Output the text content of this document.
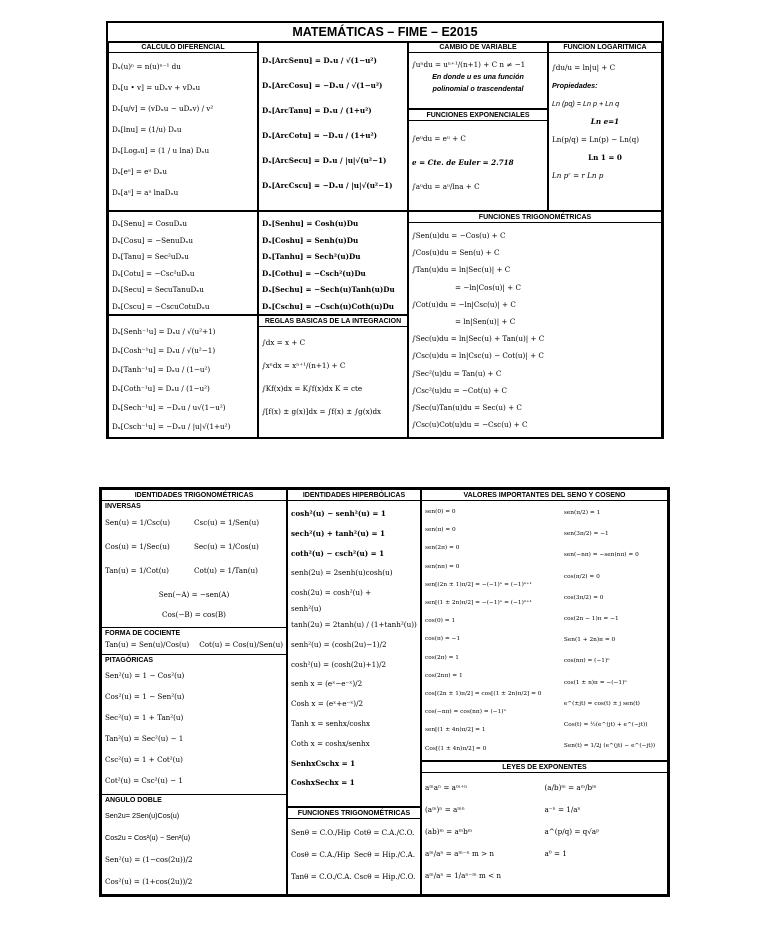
MATEMÁTICAS – FIME – E2015
CALCULO DIFERENCIAL
Dₓ(u)ⁿ = n(u)ⁿ⁻¹ du
Dₓ[u • v] = uDₓv + vDₓu
Dₓ[u/v] = (vDₓu − uDₓv) / v²
Dₓ[lnu] = (1/u) Dₓu
Dₓ[Logₐu] = (1 / u lna) Dₓu
Dₓ[eᵘ] = eᵘ Dₓu
Dₓ[aᵘ] = aᵘ lnaDₓu
Dₓ[ArcSenu] = Dₓu / √(1−u²)
Dₓ[ArcCosu] = −Dₓu / √(1−u²)
Dₓ[ArcTanu] = Dₓu / (1+u²)
Dₓ[ArcCotu] = −Dₓu / (1+u²)
Dₓ[ArcSecu] = Dₓu / |u|√(u²−1)
Dₓ[ArcCscu] = −Dₓu / |u|√(u²−1)
Dₓ[Senu] = CosuDₓu
Dₓ[Cosu] = −SenuDₓu
Dₓ[Tanu] = Sec²uDₓu
Dₓ[Cotu] = −Csc²uDₓu
Dₓ[Secu] = SecuTanuDₓu
Dₓ[Cscu] = −CscuCotuDₓu
Dₓ[Senhu] = Cosh(u)Du
Dₓ[Coshu] = Senh(u)Du
Dₓ[Tanhu] = Sech²(u)Du
Dₓ[Cothu] = −Csch²(u)Du
Dₓ[Sechu] = −Sech(u)Tanh(u)Du
Dₓ[Cschu] = −Csch(u)Coth(u)Du
Dₓ[Senh⁻¹u] = Dₓu / √(u²+1)
Dₓ[Cosh⁻¹u] = Dₓu / √(u²−1)
Dₓ[Tanh⁻¹u] = Dₓu / (1−u²)
Dₓ[Coth⁻¹u] = Dₓu / (1−u²)
Dₓ[Sech⁻¹u] = −Dₓu / u√(1−u²)
Dₓ[Csch⁻¹u] = −Dₓu / |u|√(1+u²)
REGLAS BASICAS DE LA INTEGRACION
∫dx = x + C
∫xⁿdx = xⁿ⁺¹/(n+1) + C
∫Kf(x)dx = K∫f(x)dx K = cte
∫[f(x) ± g(x)]dx = ∫f(x) ± ∫g(x)dx
CAMBIO DE VARIABLE
∫uⁿdu = uⁿ⁺¹/(n+1) + C n ≠ −1
En donde u es una función
polinomial o trascendental
FUNCIONES EXPONENCIALES
∫eᵘdu = eᵘ + C
e = Cte. de Euler = 2.718
∫aᵘdu = aᵘ/lna + C
FUNCION LOGARITMICA
∫du/u = ln|u| + C
Propiedades:
Ln (pq) = Ln p + Ln q
Ln e=1
Ln(p/q) = Ln(p) − Ln(q)
Ln 1 = 0
Ln pʳ = r Ln p
FUNCIONES TRIGONOMÉTRICAS
∫Sen(u)du = −Cos(u) + C
∫Cos(u)du = Sen(u) + C
∫Tan(u)du = ln|Sec(u)| + C
= −ln|Cos(u)| + C
∫Cot(u)du = −ln|Csc(u)| + C
= ln|Sen(u)| + C
∫Sec(u)du = ln|Sec(u) + Tan(u)| + C
∫Csc(u)du = ln|Csc(u) − Cot(u)| + C
∫Sec²(u)du = Tan(u) + C
∫Csc²(u)du = −Cot(u) + C
∫Sec(u)Tan(u)du = Sec(u) + C
∫Csc(u)Cot(u)du = −Csc(u) + C
IDENTIDADES TRIGONOMÉTRICAS
INVERSAS
Sen(u) = 1/Csc(u)	Csc(u) = 1/Sen(u)
Cos(u) = 1/Sec(u)	Sec(u) = 1/Cos(u)
Tan(u) = 1/Cot(u)	Cot(u) = 1/Tan(u)
Sen(−A) = −sen(A)
Cos(−B) = cos(B)
FORMA DE COCIENTE
Tan(u) = Sen(u)/Cos(u) Cot(u) = Cos(u)/Sen(u)
PITAGÓRICAS
Sen²(u) = 1 − Cos²(u)
Cos²(u) = 1 − Sen²(u)
Sec²(u) = 1 + Tan²(u)
Tan²(u) = Sec²(u) − 1
Csc²(u) = 1 + Cot²(u)
Cot²(u) = Csc²(u) − 1
ANGULO DOBLE
Sen2u= 2Sen(u)Cos(u)
Cos2u = Cos²(u) − Sen²(u)
Sen²(u) = (1−cos(2u))/2
Cos²(u) = (1+cos(2u))/2
IDENTIDADES HIPERBÓLICAS
cosh²(u) − senh²(u) = 1
sech²(u) + tanh²(u) = 1
coth²(u) − csch²(u) = 1
senh(2u) = 2senh(u)cosh(u)
cosh(2u) = cosh²(u) +
senh²(u)
tanh(2u) = 2tanh(u) / (1+tanh²(u))
senh²(u) = (cosh(2u)−1)/2
cosh²(u) = (cosh(2u)+1)/2
senh x = (eˣ−e⁻ˣ)/2
Cosh x = (eˣ+e⁻ˣ)/2
Tanh x = senhx/coshx
Coth x = coshx/senhx
SenhxCschx = 1
CoshxSechx = 1
FUNCIONES TRIGONOMÉTRICAS
Senθ = C.O./Hip Cotθ = C.A./C.O.
Cosθ = C.A./Hip Secθ = Hip./C.A.
Tanθ = C.O./C.A. Cscθ = Hip./C.O.
VALORES IMPORTANTES DEL SENO Y COSENO
sen(0) = 0
sen(π) = 0
sen(2π) = 0
sen(nπ) = 0
sen[(2n ± 1)π/2] = −(−1)ⁿ = (−1)ⁿ⁺¹
sen[(1 ± 2n)π/2] = −(−1)ⁿ = (−1)ⁿ⁺¹
cos(0) = 1
cos(π) = −1
cos(2π) = 1
cos(2nπ) = 1
cos[(2n ± 1)π/2] = cos[(1 ± 2n)π/2] = 0
cos(−nπ) = cos(nπ) = (−1)ⁿ
sen[(1 ± 4n)π/2] = 1
Cos[(1 ± 4n)π/2] = 0
sen(π/2) = 1
sen(3π/2) = −1
sen(−nπ) = −sen(nπ) = 0
cos(π/2) = 0
cos(3π/2) = 0
cos(2n − 1)π = −1
Sen(1 + 2n)π = 0
cos(nπ) = (−1)ⁿ
cos(1 ± n)π = −(−1)ⁿ
e^(±jt) = cos(t) ± j sen(t)
Cos(t) = ½(e^(jt) + e^(−jt))
Sen(t) = 1/2j (e^(jt) − e^(−jt))
LEYES DE EXPONENTES
aᵐaⁿ = aᵐ⁺ⁿ	(a/b)ᵐ = aᵐ/bᵐ
(aᵐ)ⁿ = aᵐⁿ	a⁻ⁿ = 1/aⁿ
(ab)ᵐ = aᵐbᵐ	a^(p/q) = q√aᵖ
aᵐ/aⁿ = aᵐ⁻ⁿ m > n	a⁰ = 1
aᵐ/aⁿ = 1/aⁿ⁻ᵐ m < n
